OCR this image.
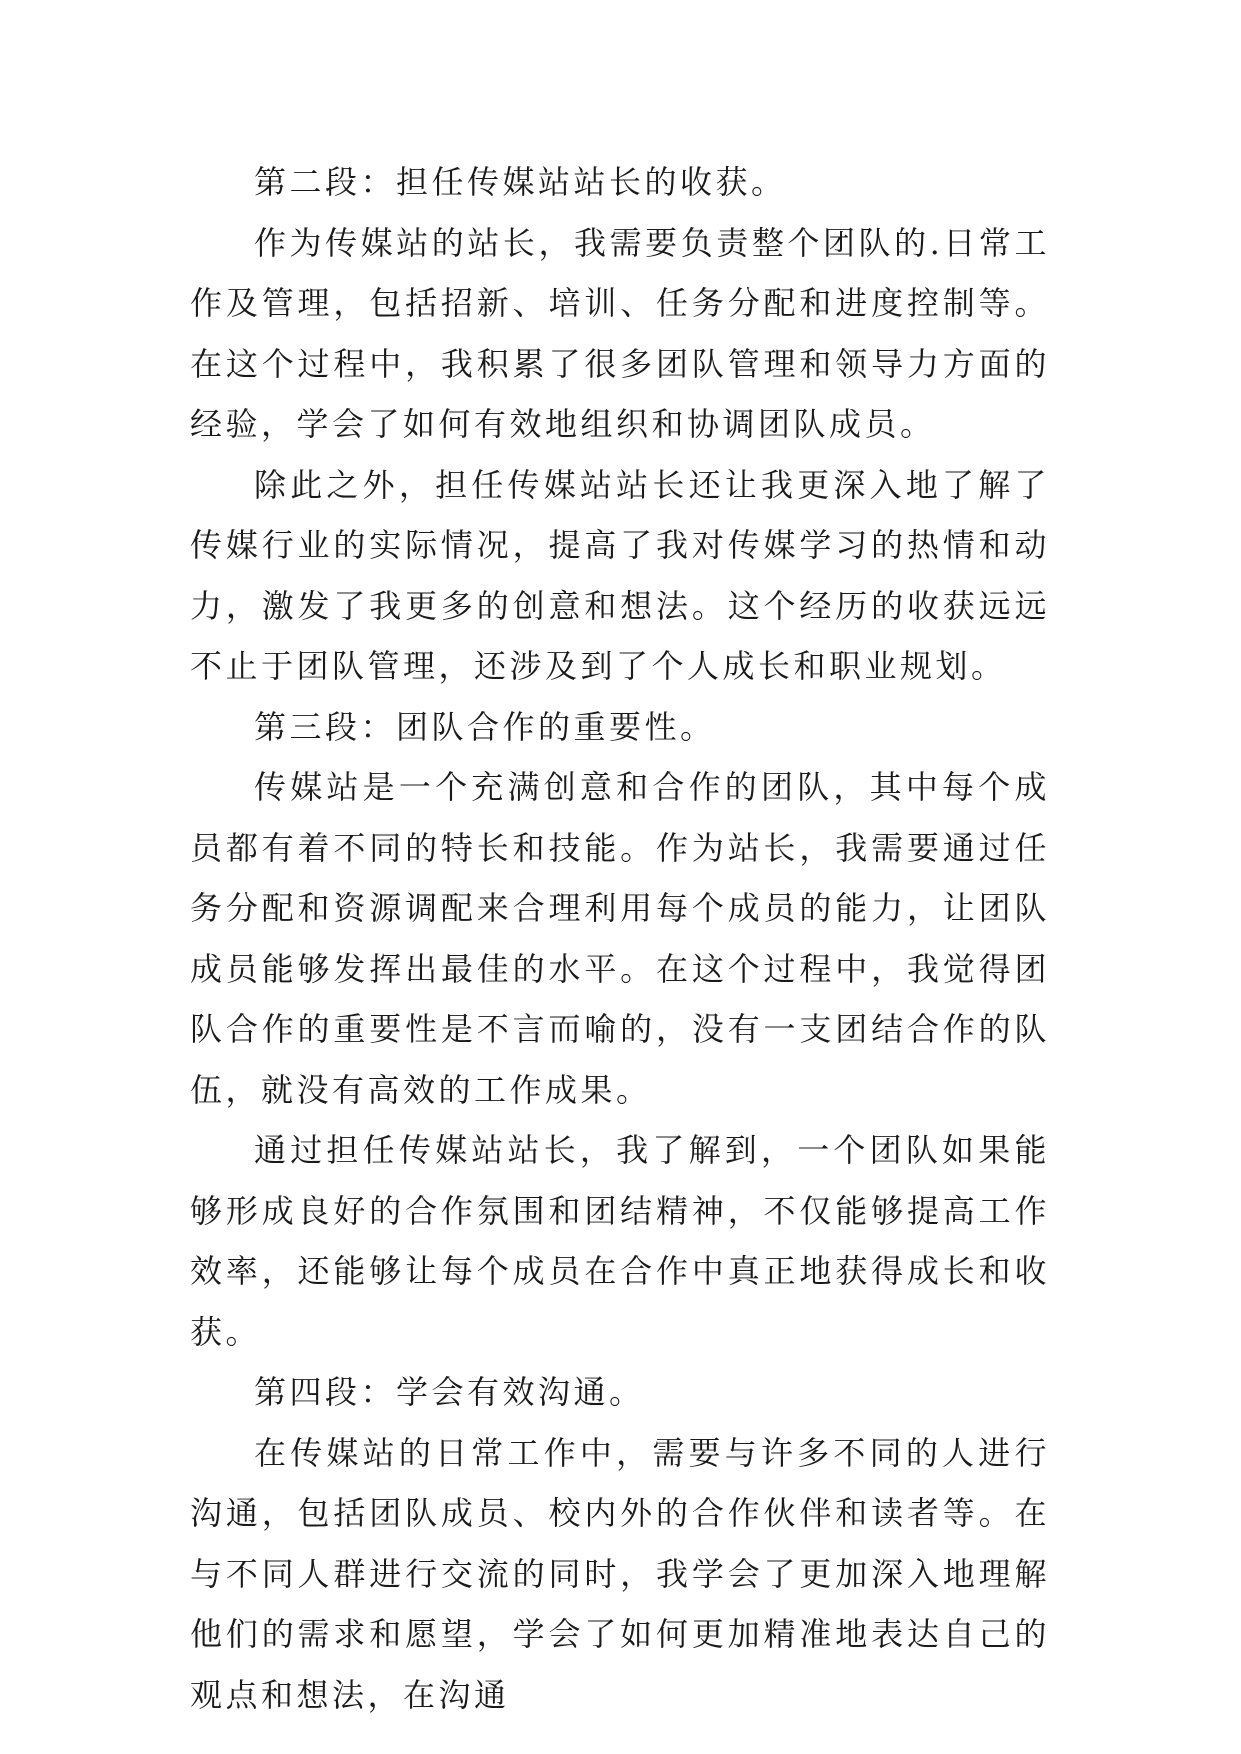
第二段：担任传媒站站长的收获。

作为传媒站的站长，我需要负责整个团队的.日常工作及管理，包括招新、培训、任务分配和进度控制等。在这个过程中，我积累了很多团队管理和领导力方面的经验，学会了如何有效地组织和协调团队成员。

除此之外，担任传媒站站长还让我更深入地了解了传媒行业的实际情况，提高了我对传媒学习的热情和动力，激发了我更多的创意和想法。这个经历的收获远远不止于团队管理，还涉及到了个人成长和职业规划。

第三段：团队合作的重要性。

传媒站是一个充满创意和合作的团队，其中每个成员都有着不同的特长和技能。作为站长，我需要通过任务分配和资源调配来合理利用每个成员的能力，让团队成员能够发挥出最佳的水平。在这个过程中，我觉得团队合作的重要性是不言而喻的，没有一支团结合作的队伍，就没有高效的工作成果。

通过担任传媒站站长，我了解到，一个团队如果能够形成良好的合作氛围和团结精神，不仅能够提高工作效率，还能够让每个成员在合作中真正地获得成长和收获。

第四段：学会有效沟通。

在传媒站的日常工作中，需要与许多不同的人进行沟通，包括团队成员、校内外的合作伙伴和读者等。在与不同人群进行交流的同时，我学会了更加深入地理解他们的需求和愿望，学会了如何更加精准地表达自己的观点和想法，在沟通
